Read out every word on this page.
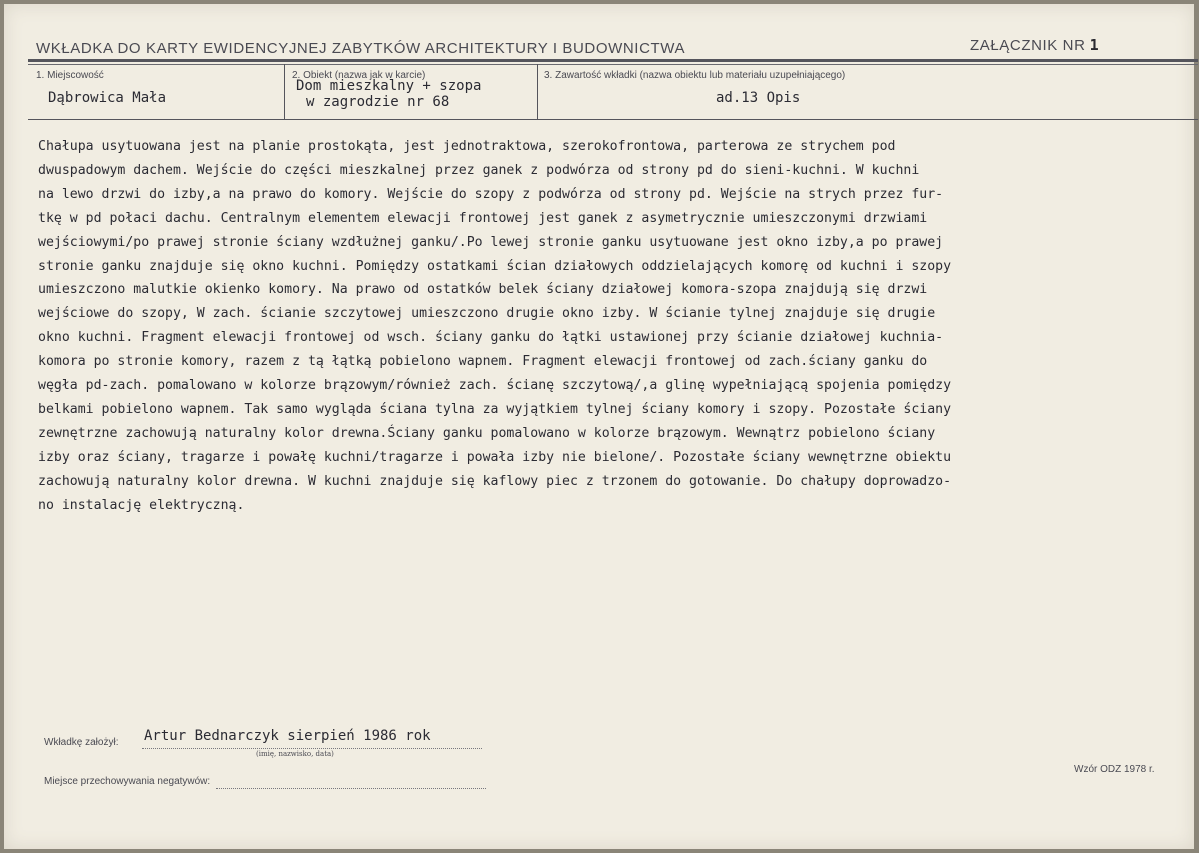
WKŁADKA DO KARTY EWIDENCYJNEJ ZABYTKÓW ARCHITEKTURY I BUDOWNICTWA	ZAŁĄCZNIK NR 1
1. Miejscowość
Dąbrowica Mała
2. Obiekt (nazwa jak w karcie)
Dom mieszkalny + szopa
w zagrodzie nr 68
3. Zawartość wkładki (nazwa obiektu lub materiału uzupełniającego)
ad.13 Opis
Chałupa usytuowana jest na planie prostokąta, jest jednotraktowa, szerokofrontowa, parterowa ze strychem pod
dwuspadowym dachem. Wejście do części mieszkalnej przez ganek z podwórza od strony pd do sieni-kuchni. W kuchni
na lewo drzwi do izby,a na prawo do komory. Wejście do szopy z podwórza od strony pd. Wejście na strych przez fur-
tkę w pd połaci dachu. Centralnym elementem elewacji frontowej jest ganek z asymetrycznie umieszczonymi drzwiami
wejściowymi/po prawej stronie ściany wzdłużnej ganku/.Po lewej stronie ganku usytuowane jest okno izby,a po prawej
stronie ganku znajduje się okno kuchni. Pomiędzy ostatkami ścian działowych oddzielających komorę od kuchni i szopy
umieszczono malutkie okienko komory. Na prawo od ostatków belek ściany działowej komora-szopa znajdują się drzwi
wejściowe do szopy, W zach. ścianie szczytowej umieszczono drugie okno izby. W ścianie tylnej znajduje się drugie
okno kuchni. Fragment elewacji frontowej od wsch. ściany ganku do łątki ustawionej przy ścianie działowej kuchnia-
komora po stronie komory, razem z tą łątką pobielono wapnem. Fragment elewacji frontowej od zach.ściany ganku do
węgła pd-zach. pomalowano w kolorze brązowym/również zach. ścianę szczytową/,a glinę wypełniającą spojenia pomiędzy
belkami pobielono wapnem. Tak samo wygląda ściana tylna za wyjątkiem tylnej ściany komory i szopy. Pozostałe ściany
zewnętrzne zachowują naturalny kolor drewna.Ściany ganku pomalowano w kolorze brązowym. Wewnątrz pobielono ściany
izby oraz ściany, tragarze i powałę kuchni/tragarze i powała izby nie bielone/. Pozostałe ściany wewnętrzne obiektu
zachowują naturalny kolor drewna. W kuchni znajduje się kaflowy piec z trzonem do gotowanie. Do chałupy doprowadzo-
no instalację elektryczną.
Wkładkę założył: Artur Bednarczyk sierpień 1986 rok
(imię, nazwisko, data)
Miejsce przechowywania negatywów:
Wzór ODZ 1978 r.
